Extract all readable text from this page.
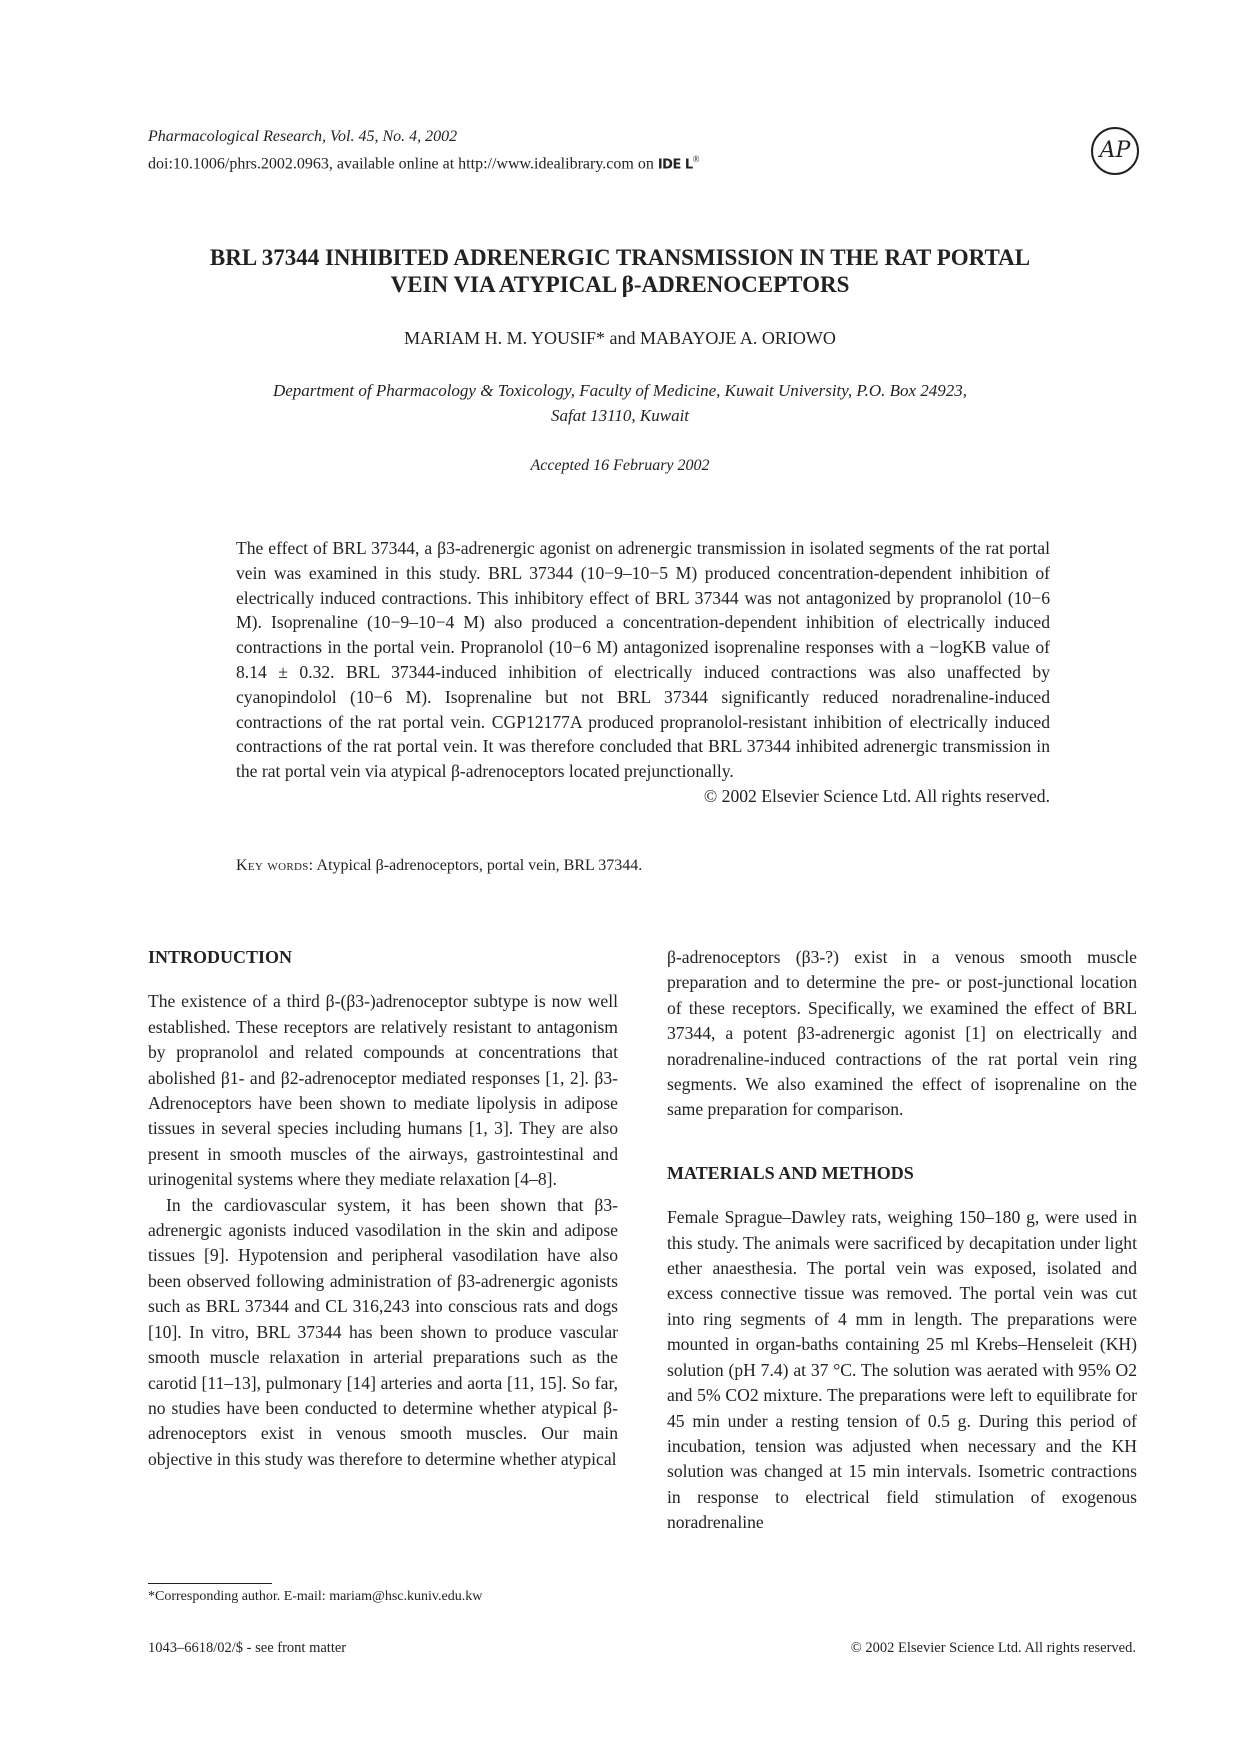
Pharmacological Research, Vol. 45, No. 4, 2002
doi:10.1006/phrs.2002.0963, available online at http://www.idealibrary.com on IDE L®	AP
BRL 37344 INHIBITED ADRENERGIC TRANSMISSION IN THE RAT PORTAL
VEIN VIA ATYPICAL β-ADRENOCEPTORS
MARIAM H. M. YOUSIF* and MABAYOJE A. ORIOWO
Department of Pharmacology & Toxicology, Faculty of Medicine, Kuwait University, P.O. Box 24923,
Safat 13110, Kuwait
Accepted 16 February 2002
The effect of BRL 37344, a β3-adrenergic agonist on adrenergic transmission in isolated segments of the rat portal vein was examined in this study. BRL 37344 (10−9–10−5 M) produced concentration-dependent inhibition of electrically induced contractions. This inhibitory effect of BRL 37344 was not antagonized by propranolol (10−6 M). Isoprenaline (10−9–10−4 M) also produced a concentration-dependent inhibition of electrically induced contractions in the portal vein. Propranolol (10−6 M) antagonized isoprenaline responses with a −logKB value of 8.14 ± 0.32. BRL 37344-induced inhibition of electrically induced contractions was also unaffected by cyanopindolol (10−6 M). Isoprenaline but not BRL 37344 significantly reduced noradrenaline-induced contractions of the rat portal vein. CGP12177A produced propranolol-resistant inhibition of electrically induced contractions of the rat portal vein. It was therefore concluded that BRL 37344 inhibited adrenergic transmission in the rat portal vein via atypical β-adrenoceptors located prejunctionally.
© 2002 Elsevier Science Ltd. All rights reserved.
Key words: Atypical β-adrenoceptors, portal vein, BRL 37344.
INTRODUCTION

The existence of a third β-(β3-)adrenoceptor subtype is now well established. These receptors are relatively resistant to antagonism by propranolol and related compounds at concentrations that abolished β1- and β2-adrenoceptor mediated responses [1, 2]. β3-Adrenoceptors have been shown to mediate lipolysis in adipose tissues in several species including humans [1, 3]. They are also present in smooth muscles of the airways, gastrointestinal and urinogenital systems where they mediate relaxation [4–8].

In the cardiovascular system, it has been shown that β3-adrenergic agonists induced vasodilation in the skin and adipose tissues [9]. Hypotension and peripheral vasodilation have also been observed following administration of β3-adrenergic agonists such as BRL 37344 and CL 316,243 into conscious rats and dogs [10]. In vitro, BRL 37344 has been shown to produce vascular smooth muscle relaxation in arterial preparations such as the carotid [11–13], pulmonary [14] arteries and aorta [11, 15]. So far, no studies have been conducted to determine whether atypical β-adrenoceptors exist in venous smooth muscles. Our main objective in this study was therefore to determine whether atypical

β-adrenoceptors (β3-?) exist in a venous smooth muscle preparation and to determine the pre- or post-junctional location of these receptors. Specifically, we examined the effect of BRL 37344, a potent β3-adrenergic agonist [1] on electrically and noradrenaline-induced contractions of the rat portal vein ring segments. We also examined the effect of isoprenaline on the same preparation for comparison.

MATERIALS AND METHODS

Female Sprague–Dawley rats, weighing 150–180 g, were used in this study. The animals were sacrificed by decapitation under light ether anaesthesia. The portal vein was exposed, isolated and excess connective tissue was removed. The portal vein was cut into ring segments of 4 mm in length. The preparations were mounted in organ-baths containing 25 ml Krebs–Henseleit (KH) solution (pH 7.4) at 37 °C. The solution was aerated with 95% O2 and 5% CO2 mixture. The preparations were left to equilibrate for 45 min under a resting tension of 0.5 g. During this period of incubation, tension was adjusted when necessary and the KH solution was changed at 15 min intervals. Isometric contractions in response to electrical field stimulation of exogenous noradrenaline

*Corresponding author. E-mail: mariam@hsc.kuniv.edu.kw
1043–6618/02/$ - see front matter	© 2002 Elsevier Science Ltd. All rights reserved.
